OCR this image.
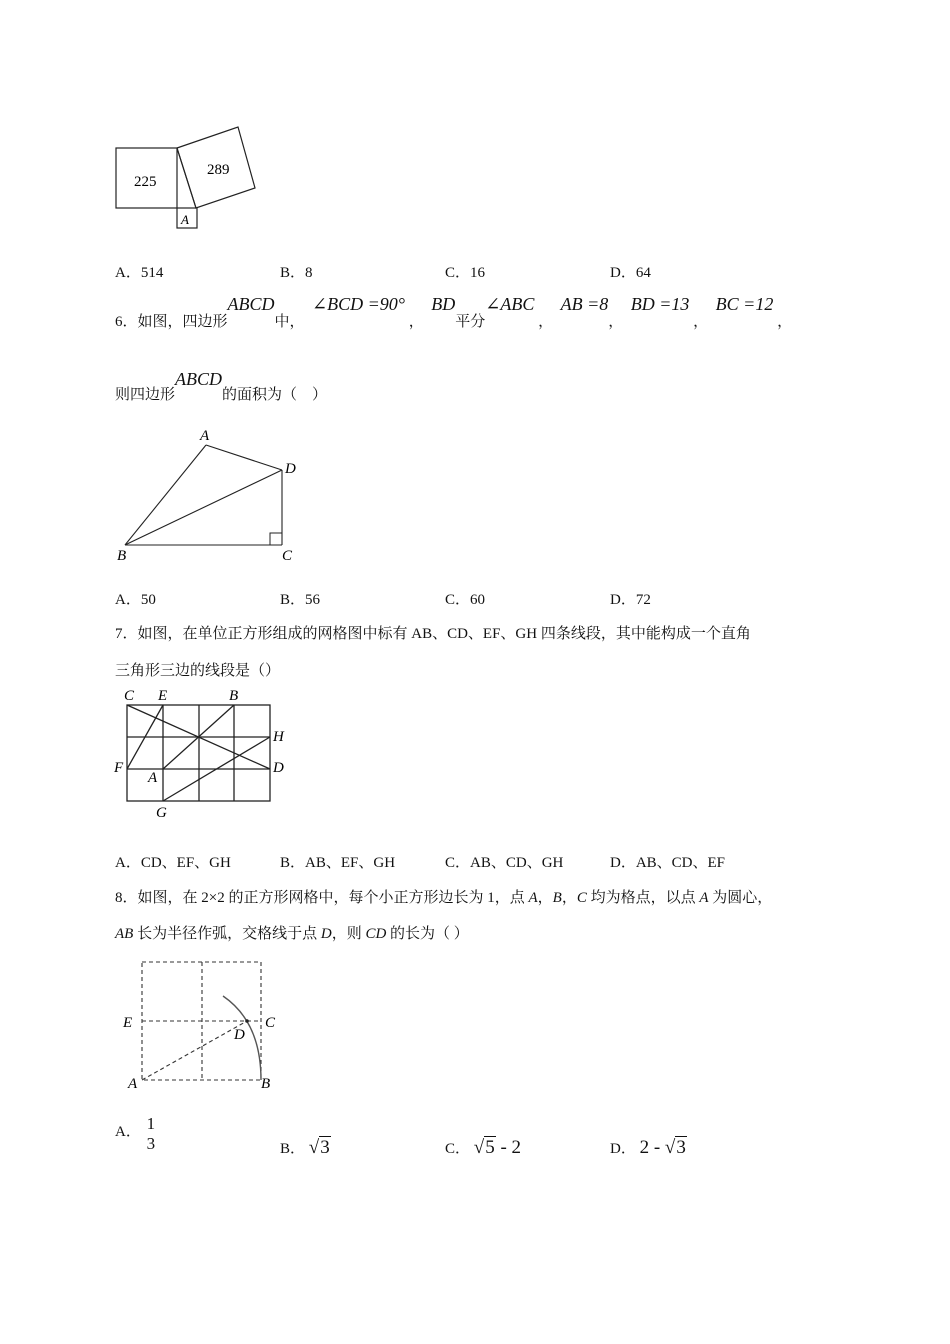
225
289
A
A．514	B．8	C．16	D．64
6．如图，四边形ABCD中，  ∠BCD =90° ，  BD平分∠ABC ，  AB =8，  BD =13 ，  BC =12 ，
则四边形ABCD的面积为（　）
A
D
B	C
A．50	B．56	C．60	D．72
7．如图，在单位正方形组成的网格图中标有 AB、CD、EF、GH 四条线段，其中能构成一个直角
三角形三边的线段是（）
C E	B
H
F
A
D
G
A．CD、EF、GH	B．AB、EF、GH	C．AB、CD、GH	D．AB、CD、EF
8．如图，在 2×2 的正方形网格中，每个小正方形边长为 1，点 A，B，C 均为格点，以点 A 为圆心，
AB 长为半径作弧，交格线于点 D，则 CD 的长为（ ）
E	C
D
A	B
A． 1
3	B． √3	C． √5 - 2	D． 2 - √3
